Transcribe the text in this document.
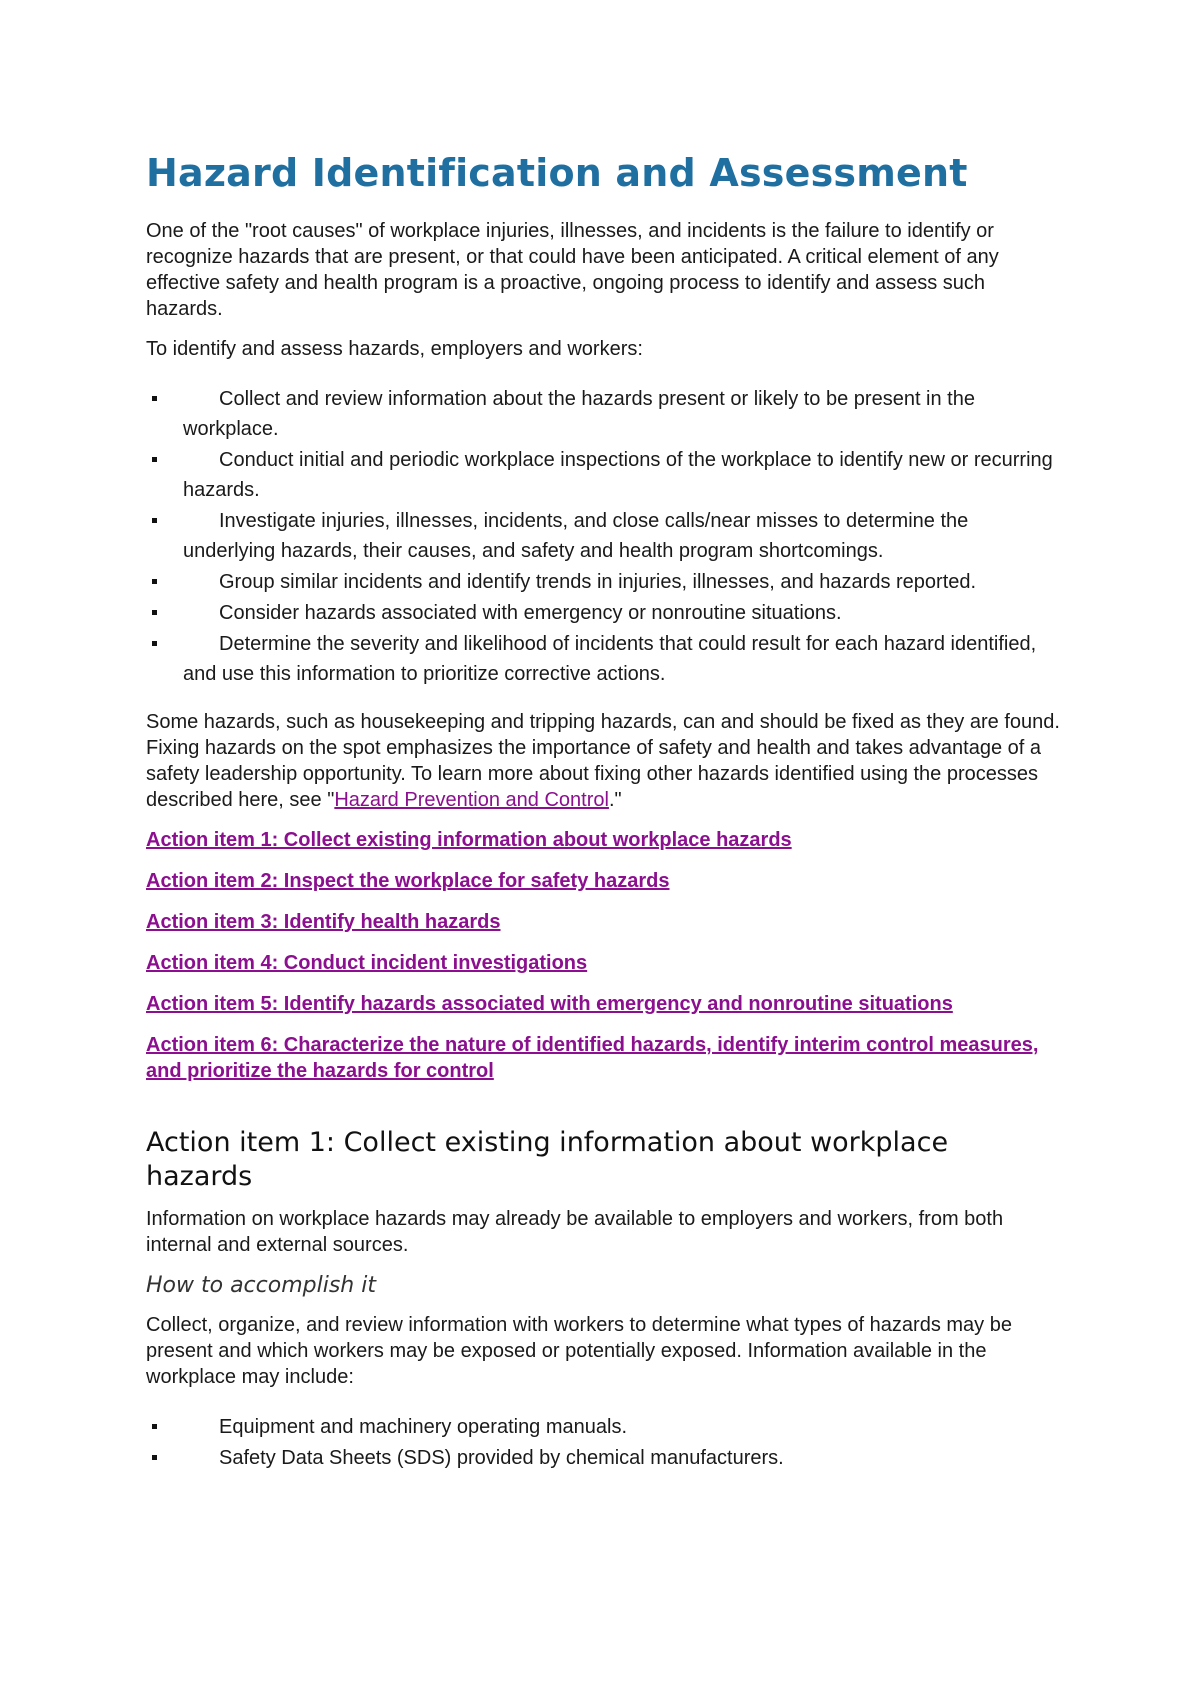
Hazard Identification and Assessment

One of the "root causes" of workplace injuries, illnesses, and incidents is the failure to identify or recognize hazards that are present, or that could have been anticipated. A critical element of any effective safety and health program is a proactive, ongoing process to identify and assess such hazards.

To identify and assess hazards, employers and workers:

Collect and review information about the hazards present or likely to be present in the workplace.
Conduct initial and periodic workplace inspections of the workplace to identify new or recurring hazards.
Investigate injuries, illnesses, incidents, and close calls/near misses to determine the underlying hazards, their causes, and safety and health program shortcomings.
Group similar incidents and identify trends in injuries, illnesses, and hazards reported.
Consider hazards associated with emergency or nonroutine situations.
Determine the severity and likelihood of incidents that could result for each hazard identified, and use this information to prioritize corrective actions.

Some hazards, such as housekeeping and tripping hazards, can and should be fixed as they are found. Fixing hazards on the spot emphasizes the importance of safety and health and takes advantage of a safety leadership opportunity. To learn more about fixing other hazards identified using the processes described here, see "Hazard Prevention and Control."

Action item 1: Collect existing information about workplace hazards
Action item 2: Inspect the workplace for safety hazards
Action item 3: Identify health hazards
Action item 4: Conduct incident investigations
Action item 5: Identify hazards associated with emergency and nonroutine situations
Action item 6: Characterize the nature of identified hazards, identify interim control measures, and prioritize the hazards for control
Action item 1: Collect existing information about workplace hazards

Information on workplace hazards may already be available to employers and workers, from both internal and external sources.

How to accomplish it

Collect, organize, and review information with workers to determine what types of hazards may be present and which workers may be exposed or potentially exposed. Information available in the workplace may include:

Equipment and machinery operating manuals.
Safety Data Sheets (SDS) provided by chemical manufacturers.
